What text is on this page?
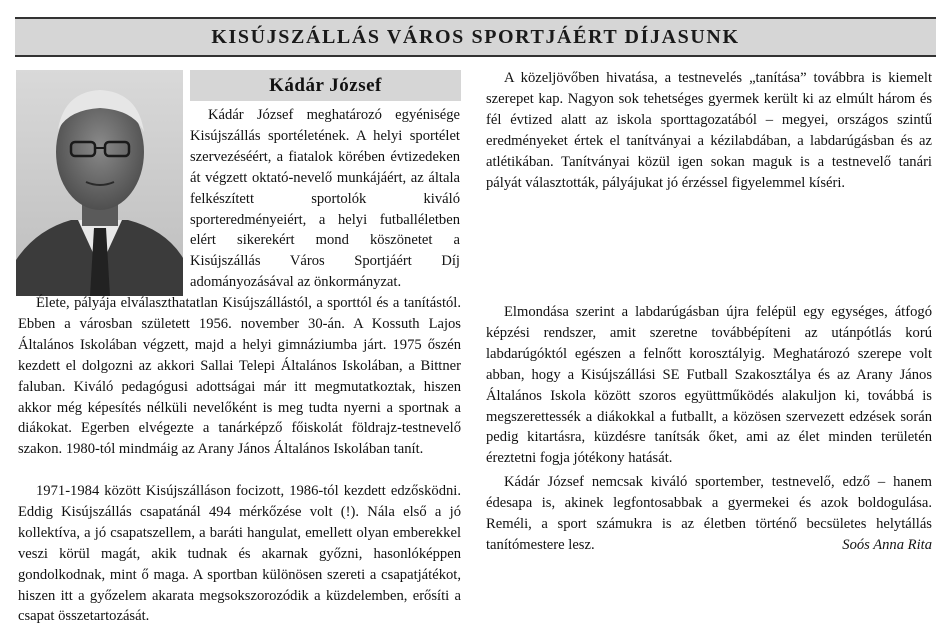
KISÚJSZÁLLÁS VÁROS SPORTJÁÉRT DÍJASUNK
Kádár József

Kádár József meghatározó egyénisége Kisújszállás sportéletének. A helyi sportélet szervezéséért, a fiatalok körében évtizedeken át végzett oktató-nevelő munkájáért, az általa felkészített sportolók kiváló sporteredményeiért, a helyi futballéletben elért sikerekért mond köszönetet a Kisújszállás Város Sportjáért Díj adományozásával az önkormányzat.

Élete, pályája elválaszthatatlan Kisújszállástól, a sporttól és a tanítástól. Ebben a városban született 1956. november 30-án. A Kossuth Lajos Általános Iskolában végzett, majd a helyi gimnáziumba járt. 1975 őszén kezdett el dolgozni az akkori Sallai Telepi Általános Iskolában, a Bittner faluban. Kiváló pedagógusi adottságai már itt megmutatkoztak, hiszen akkor még képesítés nélküli nevelőként is meg tudta nyerni a sportnak a diákokat. Egerben elvégezte a tanárképző főiskolát földrajz-testnevelő szakon. 1980-tól mindmáig az Arany János Általános Iskolában tanít.

1971-1984 között Kisújszálláson focizott, 1986-tól kezdett edzősködni. Eddig Kisújszállás csapatánál 494 mérkőzése volt (!). Nála első a jó kollektíva, a jó csapatszellem, a baráti hangulat, emellett olyan emberekkel veszi körül magát, akik tudnak és akarnak győzni, hasonlóképpen gondolkodnak, mint ő maga. A sportban különösen szereti a csapatjátékot, hiszen itt a győzelem akarata megsokszorozódik a küzdelemben, erősíti a csapat összetartozását.

A közeljövőben hivatása, a testnevelés „tanítása” továbbra is kiemelt szerepet kap. Nagyon sok tehetséges gyermek került ki az elmúlt három és fél évtized alatt az iskola sporttagozatából – megyei, országos szintű eredményeket értek el tanítványai a kézilabdában, a labdarúgásban és az atlétikában. Tanítványai közül igen sokan maguk is a testnevelő tanári pályát választották, pályájukat jó érzéssel figyelemmel kíséri.

Elmondása szerint a labdarúgásban újra felépül egy egységes, átfogó képzési rendszer, amit szeretne továbbépíteni az utánpótlás korú labdarúgóktól egészen a felnőtt korosztályig. Meghatározó szerepe volt abban, hogy a Kisújszállási SE Futball Szakosztálya és az Arany János Általános Iskola között szoros együttműködés alakuljon ki, továbbá is megszerettessék a diákokkal a futballt, a közösen szervezett edzések során pedig kitartásra, küzdésre tanítsák őket, ami az élet minden területén éreztetni fogja jótékony hatását.

Kádár József nemcsak kiváló sportember, testnevelő, edző – hanem édesapa is, akinek legfontosabbak a gyermekei és azok boldogulása. Reméli, a sport számukra is az életben történő becsületes helytállás tanítómestere lesz.	Soós Anna Rita
